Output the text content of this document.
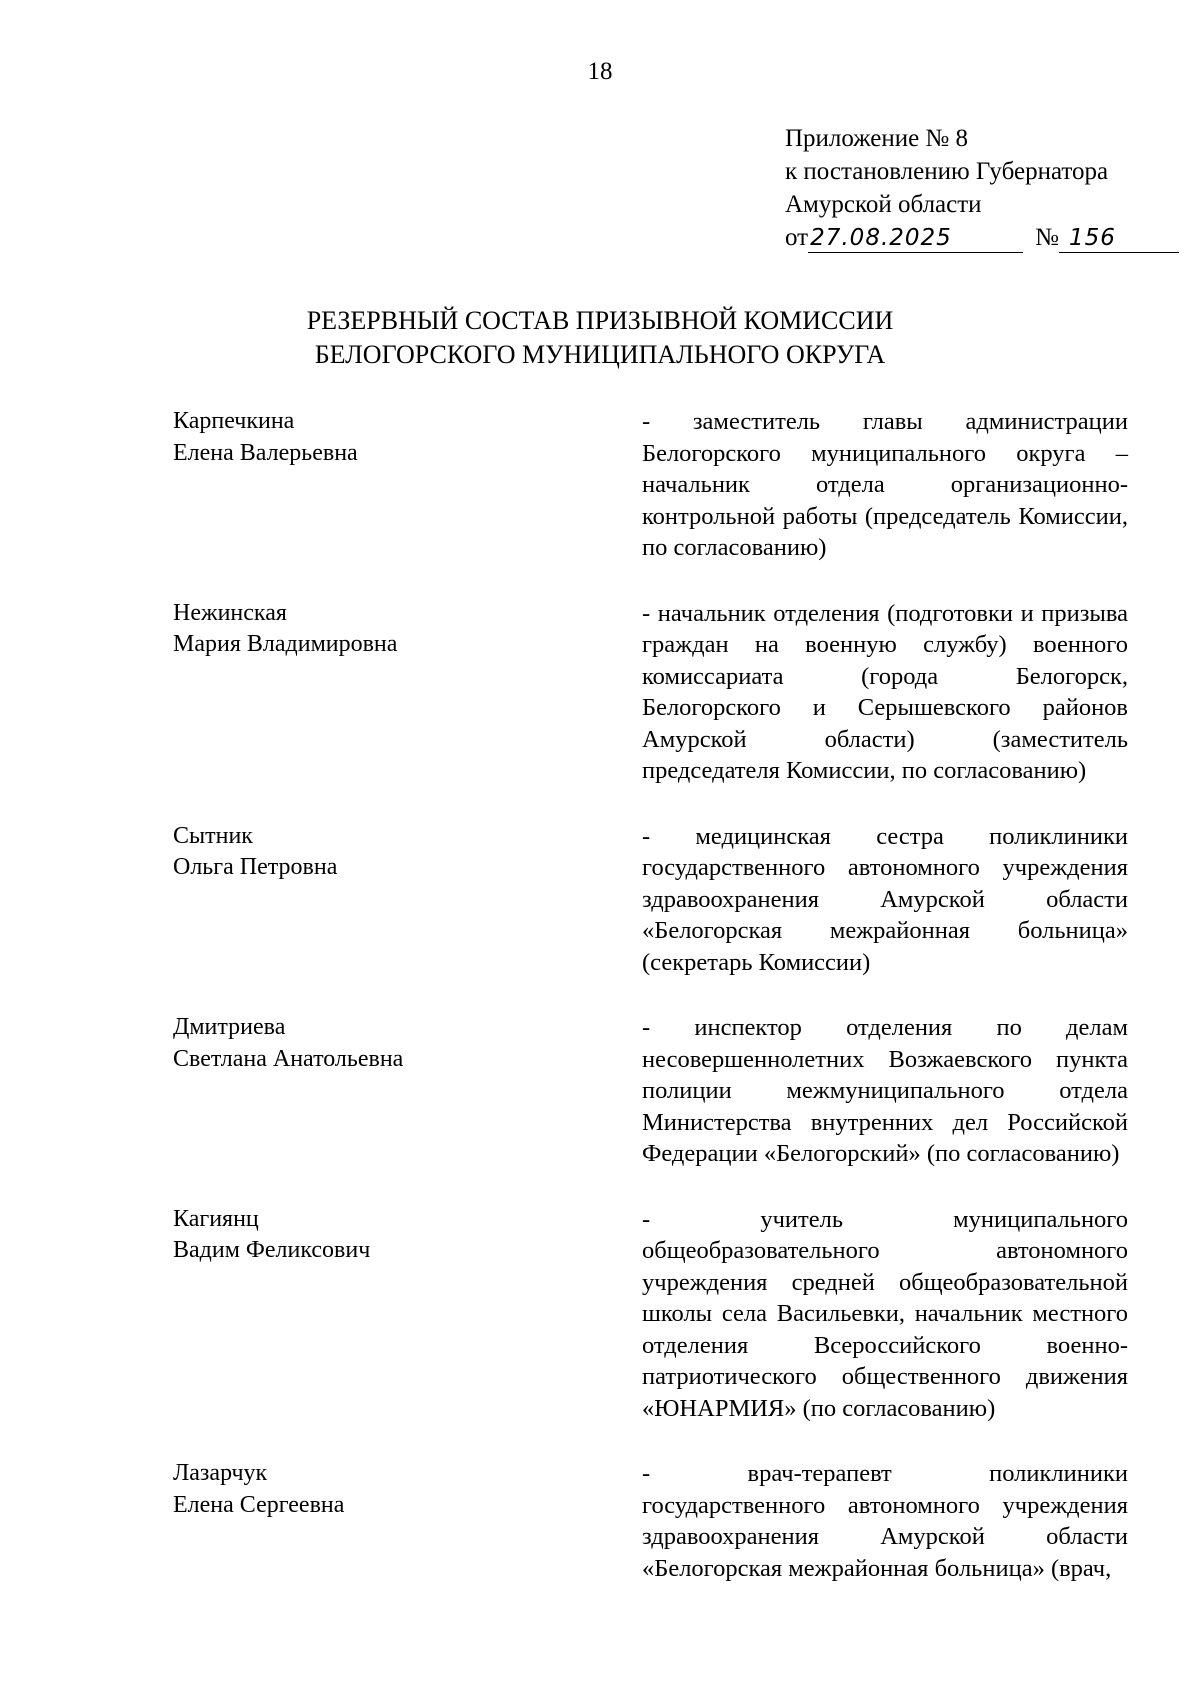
18
Приложение № 8
к постановлению Губернатора
Амурской области
от27.08.2025	№ 156
РЕЗЕРВНЫЙ СОСТАВ ПРИЗЫВНОЙ КОМИССИИ
БЕЛОГОРСКОГО МУНИЦИПАЛЬНОГО ОКРУГА
Карпечкина
Елена Валерьевна
- заместитель главы администрации Белогорского муниципального округа – начальник отдела организационно-контрольной работы (председатель Комиссии, по согласованию)
Нежинская
Мария Владимировна
- начальник отделения (подготовки и призыва граждан на военную службу) военного комиссариата (города Белогорск, Белогорского и Серышевского районов Амурской области) (заместитель председателя Комиссии, по согласованию)
Сытник
Ольга Петровна
- медицинская сестра поликлиники государственного автономного учреждения здравоохранения Амурской области «Белогорская межрайонная больница» (секретарь Комиссии)
Дмитриева
Светлана Анатольевна
- инспектор отделения по делам несовершеннолетних Возжаевского пункта полиции межмуниципального отдела Министерства внутренних дел Российской Федерации «Белогорский» (по согласованию)
Кагиянц
Вадим Феликсович
- учитель муниципального общеобразовательного автономного учреждения средней общеобразовательной школы села Васильевки, начальник местного отделения Всероссийского военно-патриотического общественного движения «ЮНАРМИЯ» (по согласованию)
Лазарчук
Елена Сергеевна
- врач-терапевт поликлиники государственного автономного учреждения здравоохранения Амурской области «Белогорская межрайонная больница» (врач,
